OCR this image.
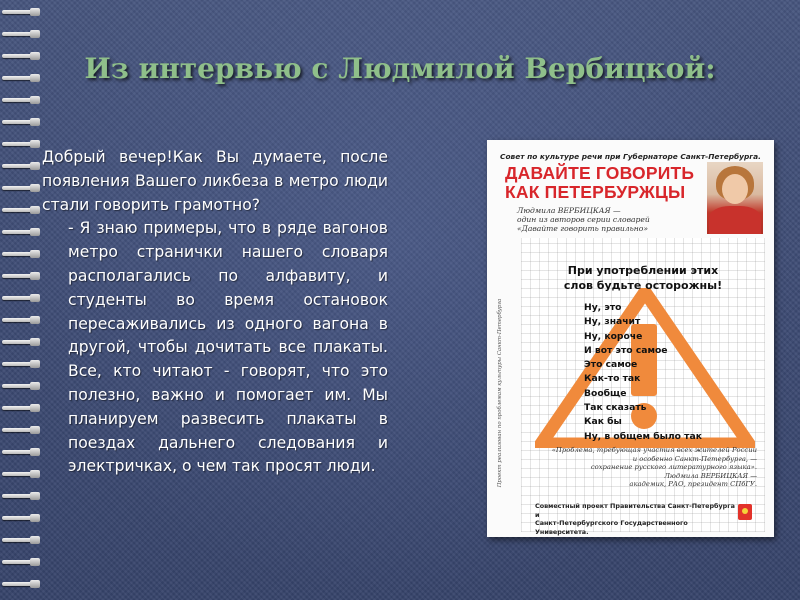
Из интервью с Людмилой Вербицкой:

Добрый вечер!Как Вы думаете, после появления Вашего ликбеза в метро люди стали говорить грамотно?

- Я знаю примеры, что в ряде вагонов метро странички нашего словаря располагались по алфавиту, и студенты во время остановок пересаживались из одного вагона в другой, чтобы дочитать все плакаты. Все, кто читают - говорят, что это полезно, важно и помогает им. Мы планируем развесить плакаты в поездах дальнего следования и электричках, о чем так просят люди.

Совет по культуре речи при Губернаторе Санкт-Петербурга.
ДАВАЙТЕ ГОВОРИТЬ
КАК ПЕТЕРБУРЖЦЫ
Людмила ВЕРБИЦКАЯ —
один из авторов серии словарей
«Давайте говорить правильно»
При употреблении этих
слов будьте осторожны!
Ну, это
Ну, значит
Ну, короче
И вот это самое
Это самое
Как-то так
Вообще
Так сказать
Как бы
Ну, в общем было так
«Проблема, требующая участия всех жителей России
и особенно Санкт-Петербурга, —
сохранение русского литературного языка».
Людмила ВЕРБИЦКАЯ —
академик, РАО, президент СПбГУ.
Совместный проект Правительства Санкт-Петербурга и
Санкт-Петербургского Государственного Университета.
Проект реализован по проблемам культуры Санкт-Петербурга
